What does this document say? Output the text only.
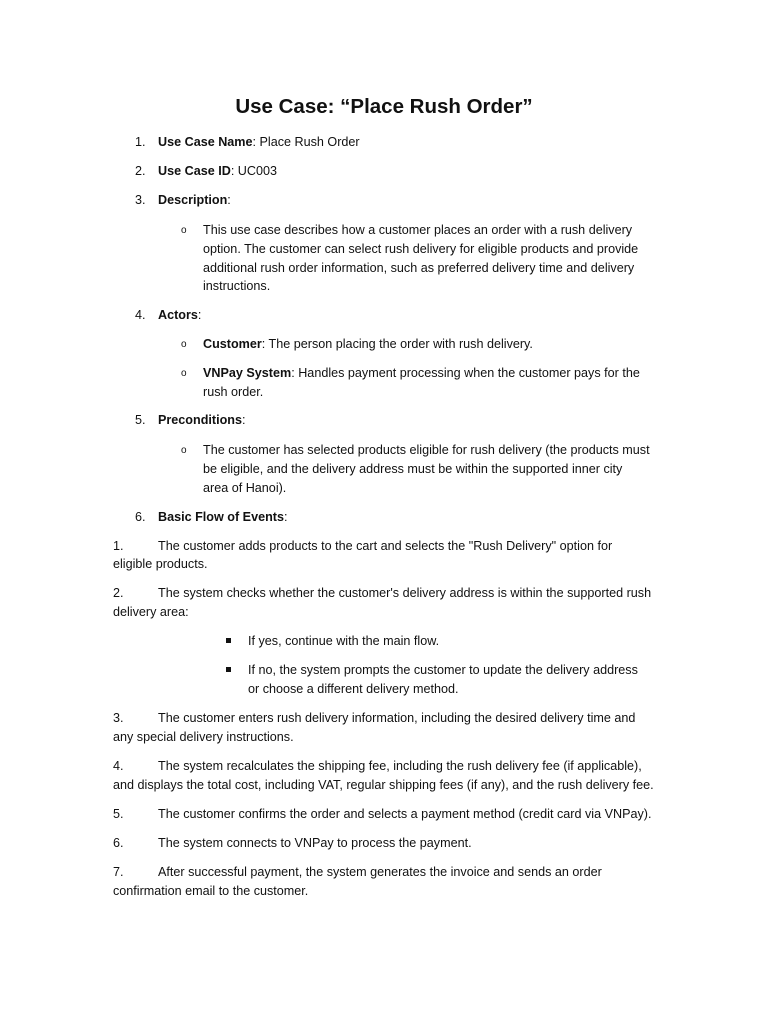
Use Case: “Place Rush Order”
1. Use Case Name: Place Rush Order
2. Use Case ID: UC003
3. Description:
o This use case describes how a customer places an order with a rush delivery
option. The customer can select rush delivery for eligible products and provide
additional rush order information, such as preferred delivery time and delivery
instructions.
4. Actors:
o Customer: The person placing the order with rush delivery.
o VNPay System: Handles payment processing when the customer pays for the
rush order.
5. Preconditions:
o The customer has selected products eligible for rush delivery (the products must
be eligible, and the delivery address must be within the supported inner city
area of Hanoi).
6. Basic Flow of Events:
1.	The customer adds products to the cart and selects the "Rush Delivery" option for
eligible products.
2.	The system checks whether the customer's delivery address is within the supported rush
delivery area:
If yes, continue with the main flow.
If no, the system prompts the customer to update the delivery address
or choose a different delivery method.
3.	The customer enters rush delivery information, including the desired delivery time and
any special delivery instructions.
4.	The system recalculates the shipping fee, including the rush delivery fee (if applicable),
and displays the total cost, including VAT, regular shipping fees (if any), and the rush delivery fee.
5.	The customer confirms the order and selects a payment method (credit card via VNPay).
6.	The system connects to VNPay to process the payment.
7.	After successful payment, the system generates the invoice and sends an order
confirmation email to the customer.
